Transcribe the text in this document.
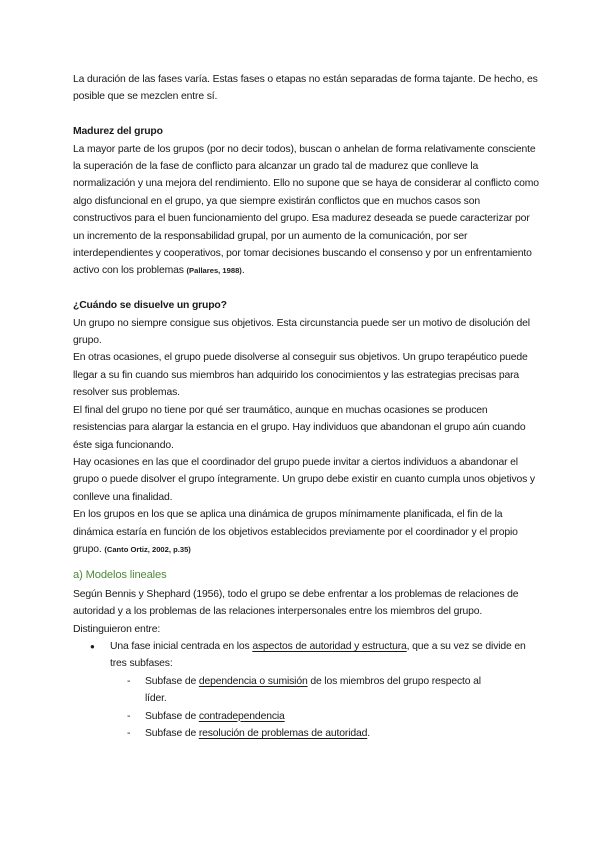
La duración de las fases varía. Estas fases o etapas no están separadas de forma tajante. De hecho, es posible que se mezclen entre sí.

Madurez del grupo

La mayor parte de los grupos (por no decir todos), buscan o anhelan de forma relativamente consciente la superación de la fase de conflicto para alcanzar un grado tal de madurez que conlleve la normalización y una mejora del rendimiento. Ello no supone que se haya de considerar al conflicto como algo disfuncional en el grupo, ya que siempre existirán conflictos que en muchos casos son constructivos para el buen funcionamiento del grupo. Esa madurez deseada se puede caracterizar por un incremento de la responsabilidad grupal, por un aumento de la comunicación, por ser interdependientes y cooperativos, por tomar decisiones buscando el consenso y por un enfrentamiento activo con los problemas (Pallares, 1988).

¿Cuándo se disuelve un grupo?

Un grupo no siempre consigue sus objetivos. Esta circunstancia puede ser un motivo de disolución del grupo.

En otras ocasiones, el grupo puede disolverse al conseguir sus objetivos. Un grupo terapéutico puede llegar a su fin cuando sus miembros han adquirido los conocimientos y las estrategias precisas para resolver sus problemas.

El final del grupo no tiene por qué ser traumático, aunque en muchas ocasiones se producen resistencias para alargar la estancia en el grupo. Hay individuos que abandonan el grupo aún cuando éste siga funcionando.

Hay ocasiones en las que el coordinador del grupo puede invitar a ciertos individuos a abandonar el grupo o puede disolver el grupo íntegramente. Un grupo debe existir en cuanto cumpla unos objetivos y conlleve una finalidad.

En los grupos en los que se aplica una dinámica de grupos mínimamente planificada, el fin de la dinámica estaría en función de los objetivos establecidos previamente por el coordinador y el propio grupo. (Canto Ortiz, 2002, p.35)

a) Modelos lineales

Según Bennis y Shephard (1956), todo el grupo se debe enfrentar a los problemas de relaciones de autoridad y a los problemas de las relaciones interpersonales entre los miembros del grupo. Distinguieron entre:

● Una fase inicial centrada en los aspectos de autoridad y estructura, que a su vez se divide en tres subfases:
- Subfase de dependencia o sumisión de los miembros del grupo respecto al líder.
- Subfase de contradependencia
- Subfase de resolución de problemas de autoridad.
